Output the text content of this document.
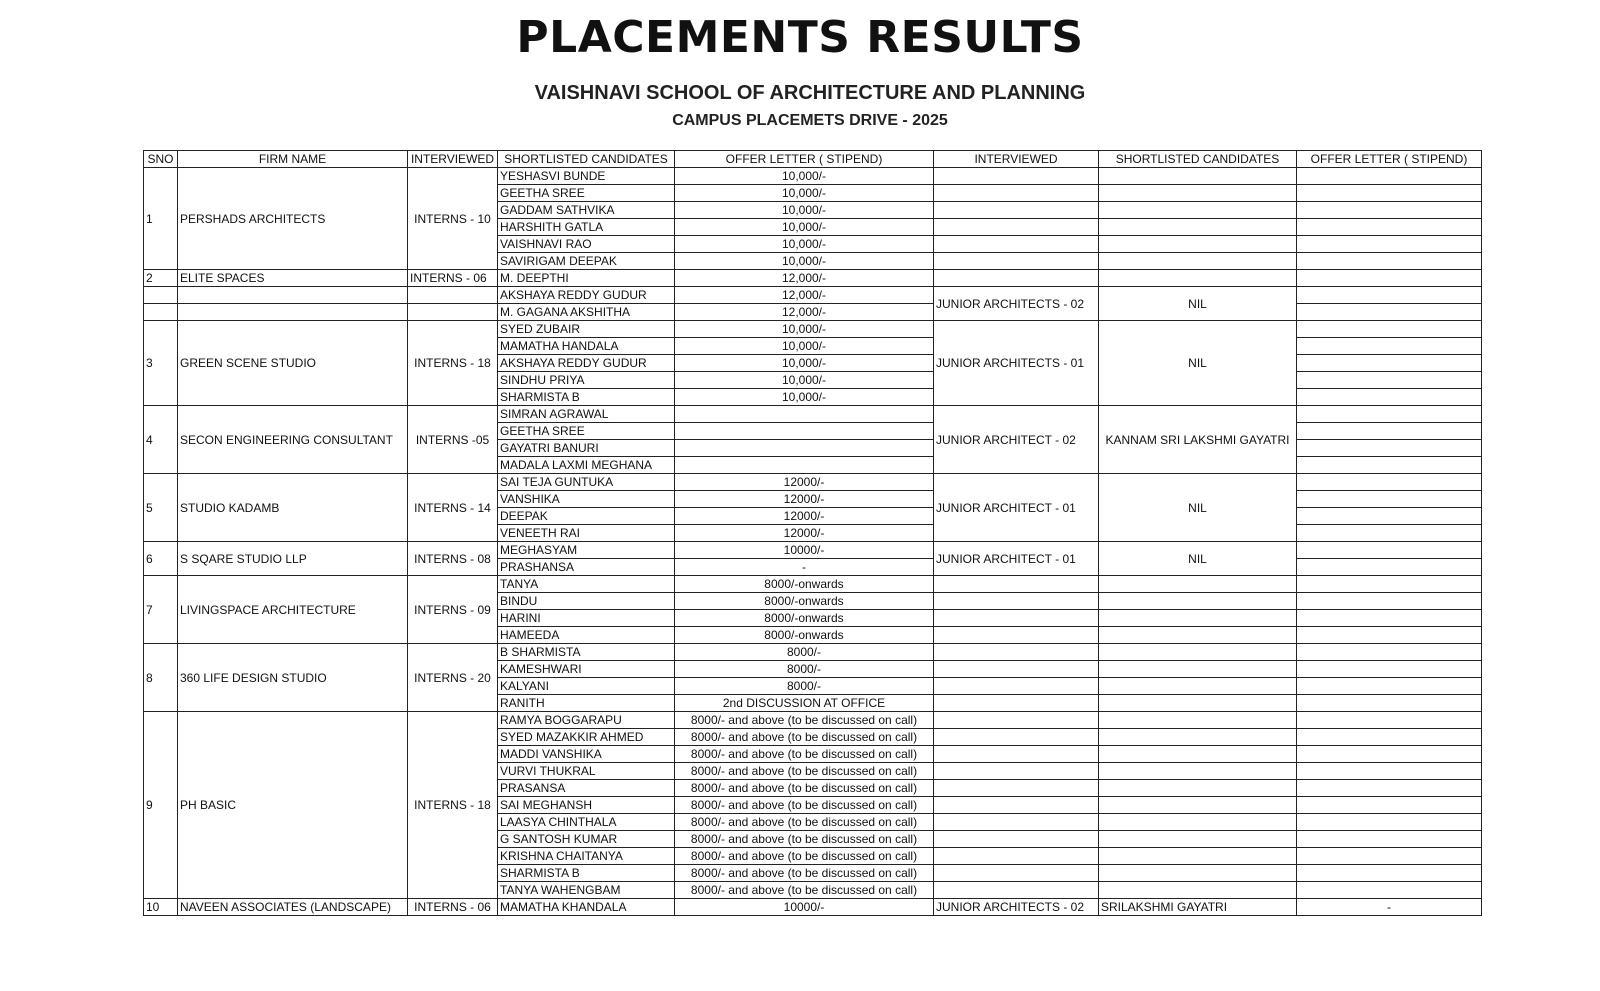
PLACEMENTS RESULTS
VAISHNAVI SCHOOL OF ARCHITECTURE AND PLANNING
CAMPUS PLACEMETS DRIVE - 2025
SNO	FIRM NAME	INTERVIEWED	SHORTLISTED CANDIDATES	OFFER LETTER ( STIPEND)	INTERVIEWED	SHORTLISTED CANDIDATES	OFFER LETTER ( STIPEND)
1	PERSHADS ARCHITECTS	INTERNS - 10	YESHASVI BUNDE	10,000/-			
			GEETHA SREE	10,000/-			
			GADDAM SATHVIKA	10,000/-			
			HARSHITH GATLA	10,000/-			
			VAISHNAVI RAO	10,000/-			
			SAVIRIGAM DEEPAK	10,000/-			
2	ELITE SPACES	INTERNS - 06	M. DEEPTHI	12,000/-			
			AKSHAYA REDDY GUDUR	12,000/-	JUNIOR ARCHITECTS - 02	NIL	
			M. GAGANA AKSHITHA	12,000/-			
3	GREEN SCENE STUDIO	INTERNS - 18	SYED ZUBAIR	10,000/-	JUNIOR ARCHITECTS - 01	NIL	
			MAMATHA HANDALA	10,000/-			
			AKSHAYA REDDY GUDUR	10,000/-			
			SINDHU PRIYA	10,000/-			
			SHARMISTA B	10,000/-			
4	SECON ENGINEERING CONSULTANT	INTERNS -05	SIMRAN AGRAWAL		JUNIOR ARCHITECT - 02	KANNAM SRI LAKSHMI GAYATRI	
			GEETHA SREE				
			GAYATRI BANURI				
			MADALA LAXMI MEGHANA				
5	STUDIO KADAMB	INTERNS - 14	SAI TEJA GUNTUKA	12000/-	JUNIOR ARCHITECT - 01	NIL	
			VANSHIKA	12000/-			
			DEEPAK	12000/-			
			VENEETH RAI	12000/-			
6	S SQARE STUDIO LLP	INTERNS - 08	MEGHASYAM	10000/-	JUNIOR ARCHITECT - 01	NIL	
			PRASHANSA	-			
7	LIVINGSPACE ARCHITECTURE	INTERNS - 09	TANYA	8000/-onwards			
			BINDU	8000/-onwards			
			HARINI	8000/-onwards			
			HAMEEDA	8000/-onwards			
8	360 LIFE DESIGN STUDIO	INTERNS - 20	B SHARMISTA	8000/-			
			KAMESHWARI	8000/-			
			KALYANI	8000/-			
			RANITH	2nd DISCUSSION AT OFFICE			
9	PH BASIC	INTERNS - 18	RAMYA BOGGARAPU	8000/- and above (to be discussed on call)			
			SYED MAZAKKIR AHMED	8000/- and above (to be discussed on call)			
			MADDI VANSHIKA	8000/- and above (to be discussed on call)			
			VURVI THUKRAL	8000/- and above (to be discussed on call)			
			PRASANSA	8000/- and above (to be discussed on call)			
			SAI MEGHANSH	8000/- and above (to be discussed on call)			
			LAASYA CHINTHALA	8000/- and above (to be discussed on call)			
			G SANTOSH KUMAR	8000/- and above (to be discussed on call)			
			KRISHNA CHAITANYA	8000/- and above (to be discussed on call)			
			SHARMISTA B	8000/- and above (to be discussed on call)			
			TANYA WAHENGBAM	8000/- and above (to be discussed on call)			
10	NAVEEN ASSOCIATES (LANDSCAPE)	INTERNS - 06	MAMATHA KHANDALA	10000/-	JUNIOR ARCHITECTS - 02	SRILAKSHMI GAYATRI	-
